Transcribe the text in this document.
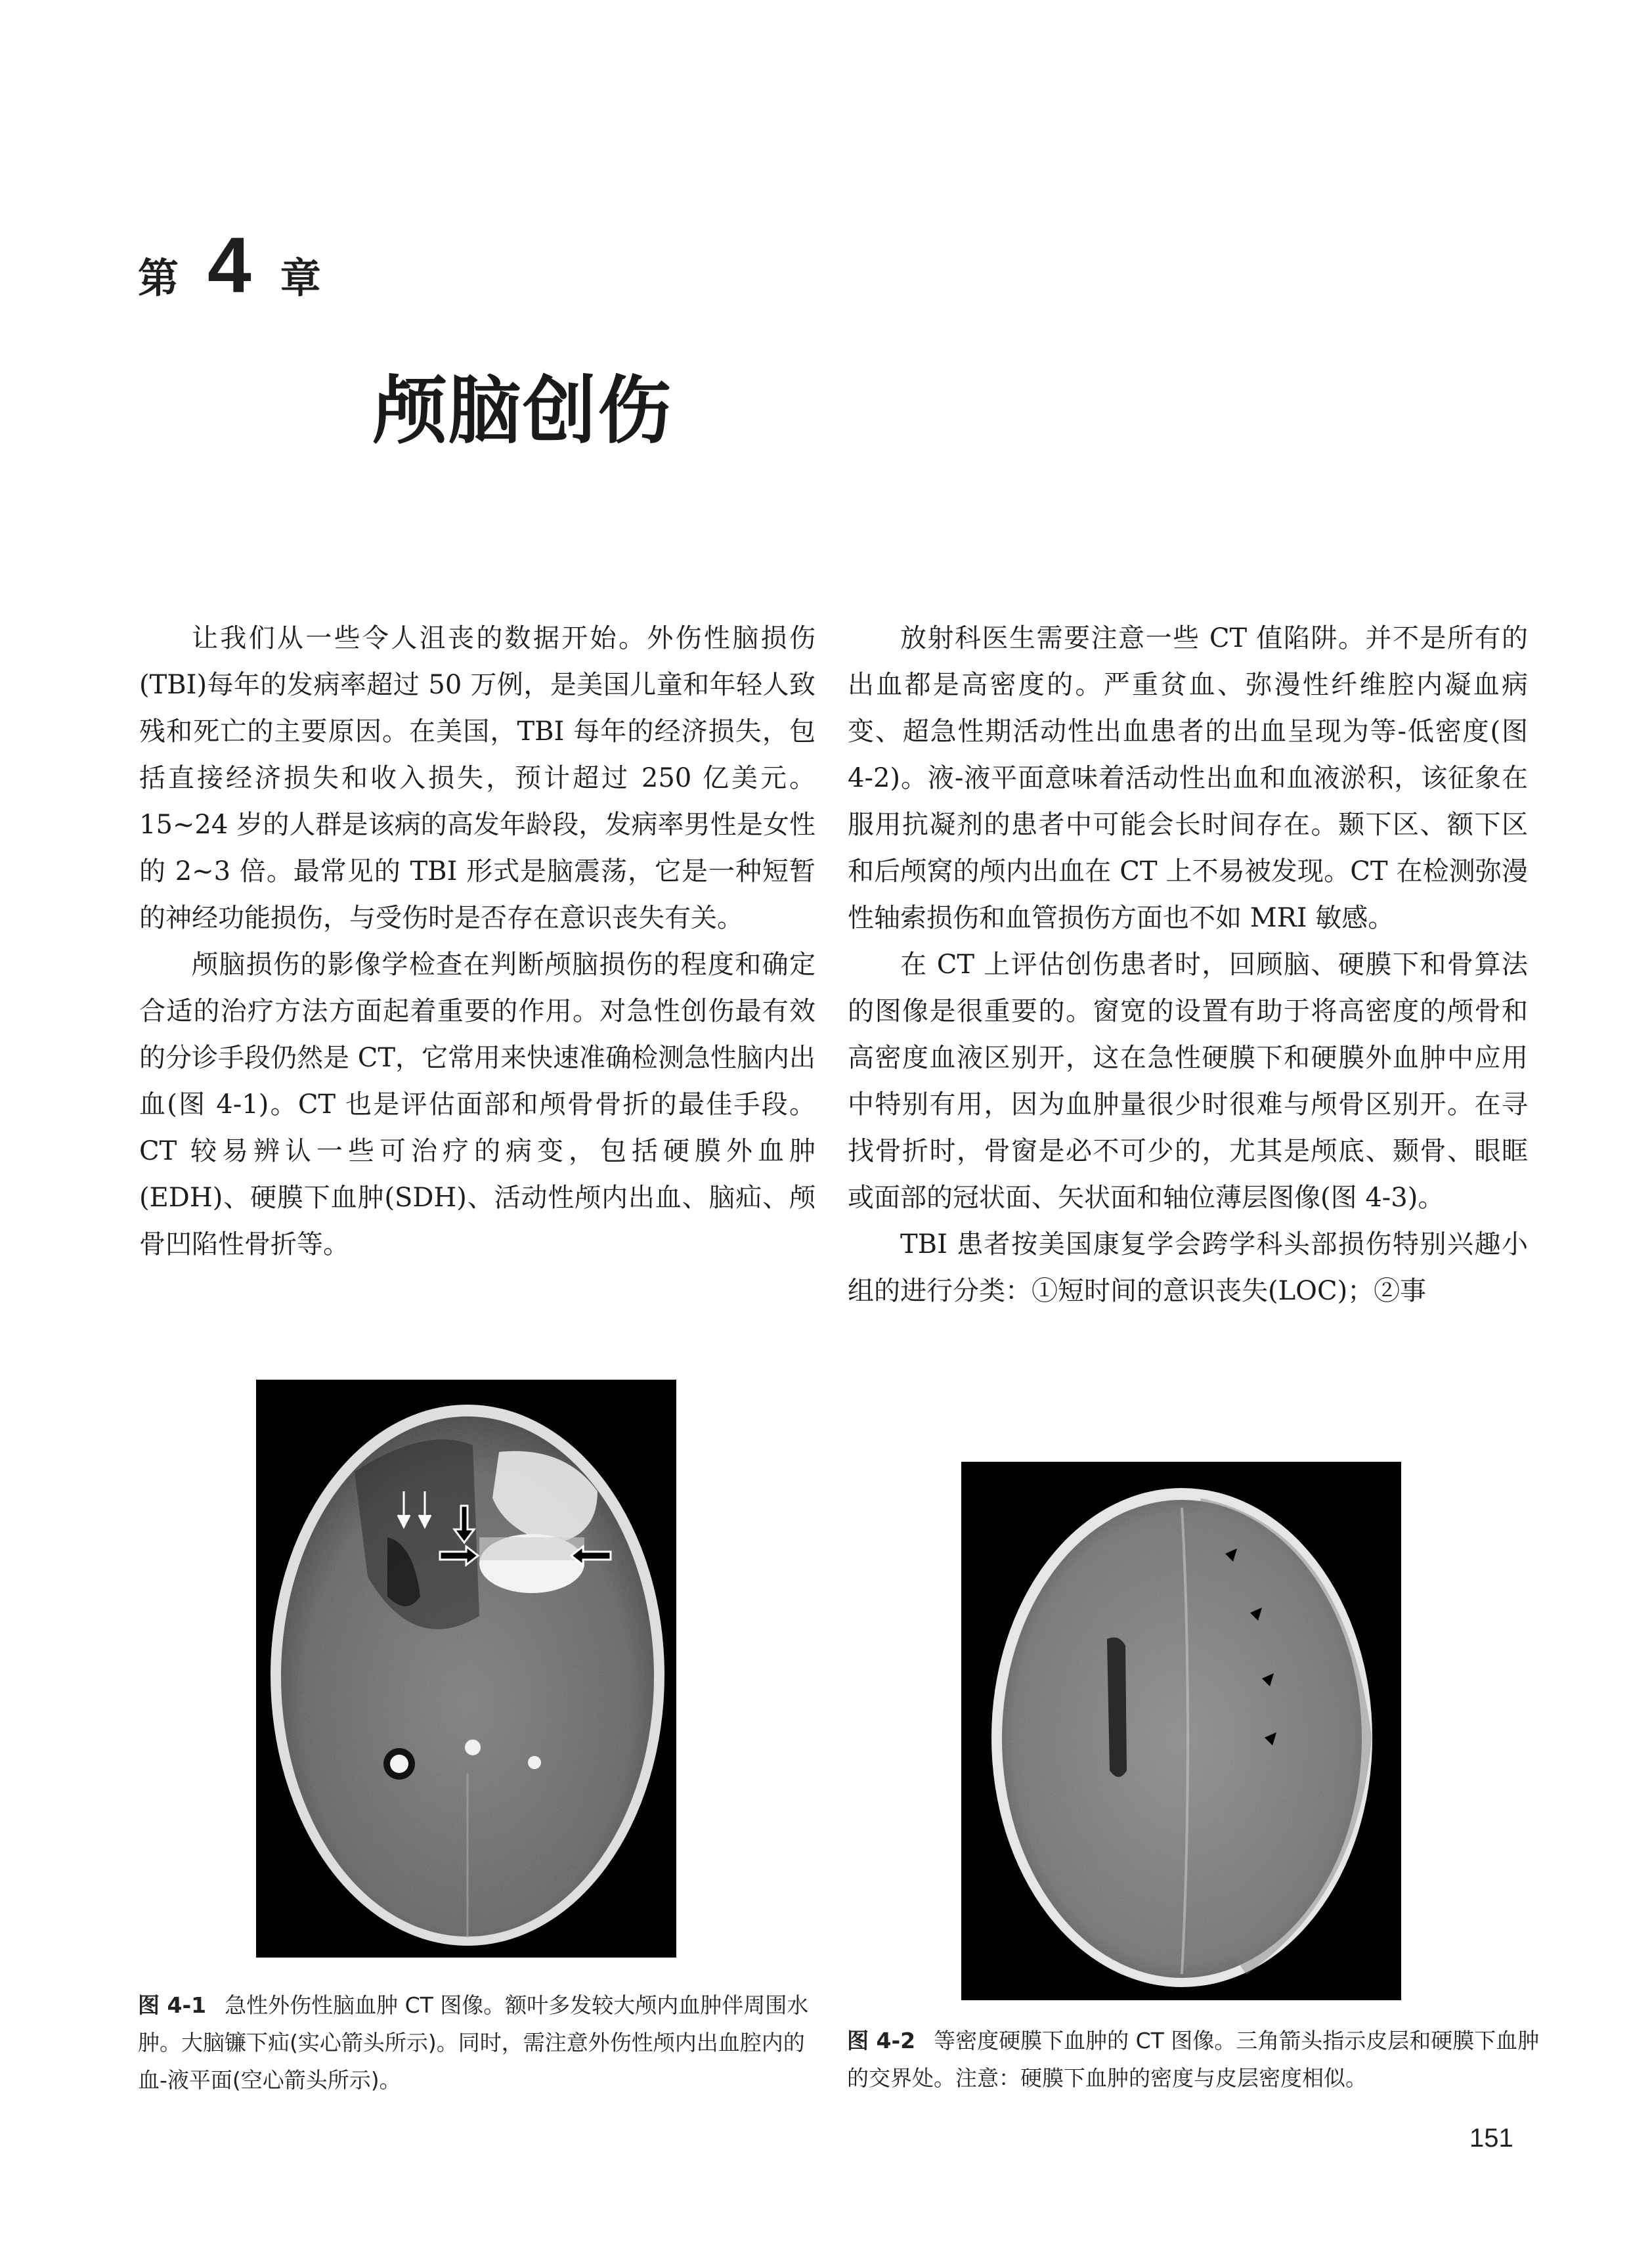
第 4 章
颅脑创伤

让我们从一些令人沮丧的数据开始。外伤性脑损伤(TBI)每年的发病率超过 50 万例，是美国儿童和年轻人致残和死亡的主要原因。在美国，TBI 每年的经济损失，包括直接经济损失和收入损失，预计超过 250 亿美元。15~24 岁的人群是该病的高发年龄段，发病率男性是女性的 2~3 倍。最常见的 TBI 形式是脑震荡，它是一种短暂的神经功能损伤，与受伤时是否存在意识丧失有关。

颅脑损伤的影像学检查在判断颅脑损伤的程度和确定合适的治疗方法方面起着重要的作用。对急性创伤最有效的分诊手段仍然是 CT，它常用来快速准确检测急性脑内出血(图 4-1)。CT 也是评估面部和颅骨骨折的最佳手段。CT 较易辨认一些可治疗的病变，包括硬膜外血肿(EDH)、硬膜下血肿(SDH)、活动性颅内出血、脑疝、颅骨凹陷性骨折等。

放射科医生需要注意一些 CT 值陷阱。并不是所有的出血都是高密度的。严重贫血、弥漫性纤维腔内凝血病变、超急性期活动性出血患者的出血呈现为等-低密度(图 4-2)。液-液平面意味着活动性出血和血液淤积，该征象在服用抗凝剂的患者中可能会长时间存在。颞下区、额下区和后颅窝的颅内出血在 CT 上不易被发现。CT 在检测弥漫性轴索损伤和血管损伤方面也不如 MRI 敏感。

在 CT 上评估创伤患者时，回顾脑、硬膜下和骨算法的图像是很重要的。窗宽的设置有助于将高密度的颅骨和高密度血液区别开，这在急性硬膜下和硬膜外血肿中应用中特别有用，因为血肿量很少时很难与颅骨区别开。在寻找骨折时，骨窗是必不可少的，尤其是颅底、颞骨、眼眶或面部的冠状面、矢状面和轴位薄层图像(图 4-3)。

TBI 患者按美国康复学会跨学科头部损伤特别兴趣小组的进行分类：①短时间的意识丧失(LOC)；②事

图 4-1 急性外伤性脑血肿 CT 图像。额叶多发较大颅内血肿伴周围水肿。大脑镰下疝(实心箭头所示)。同时，需注意外伤性颅内出血腔内的血-液平面(空心箭头所示)。
图 4-2 等密度硬膜下血肿的 CT 图像。三角箭头指示皮层和硬膜下血肿的交界处。注意：硬膜下血肿的密度与皮层密度相似。
151
